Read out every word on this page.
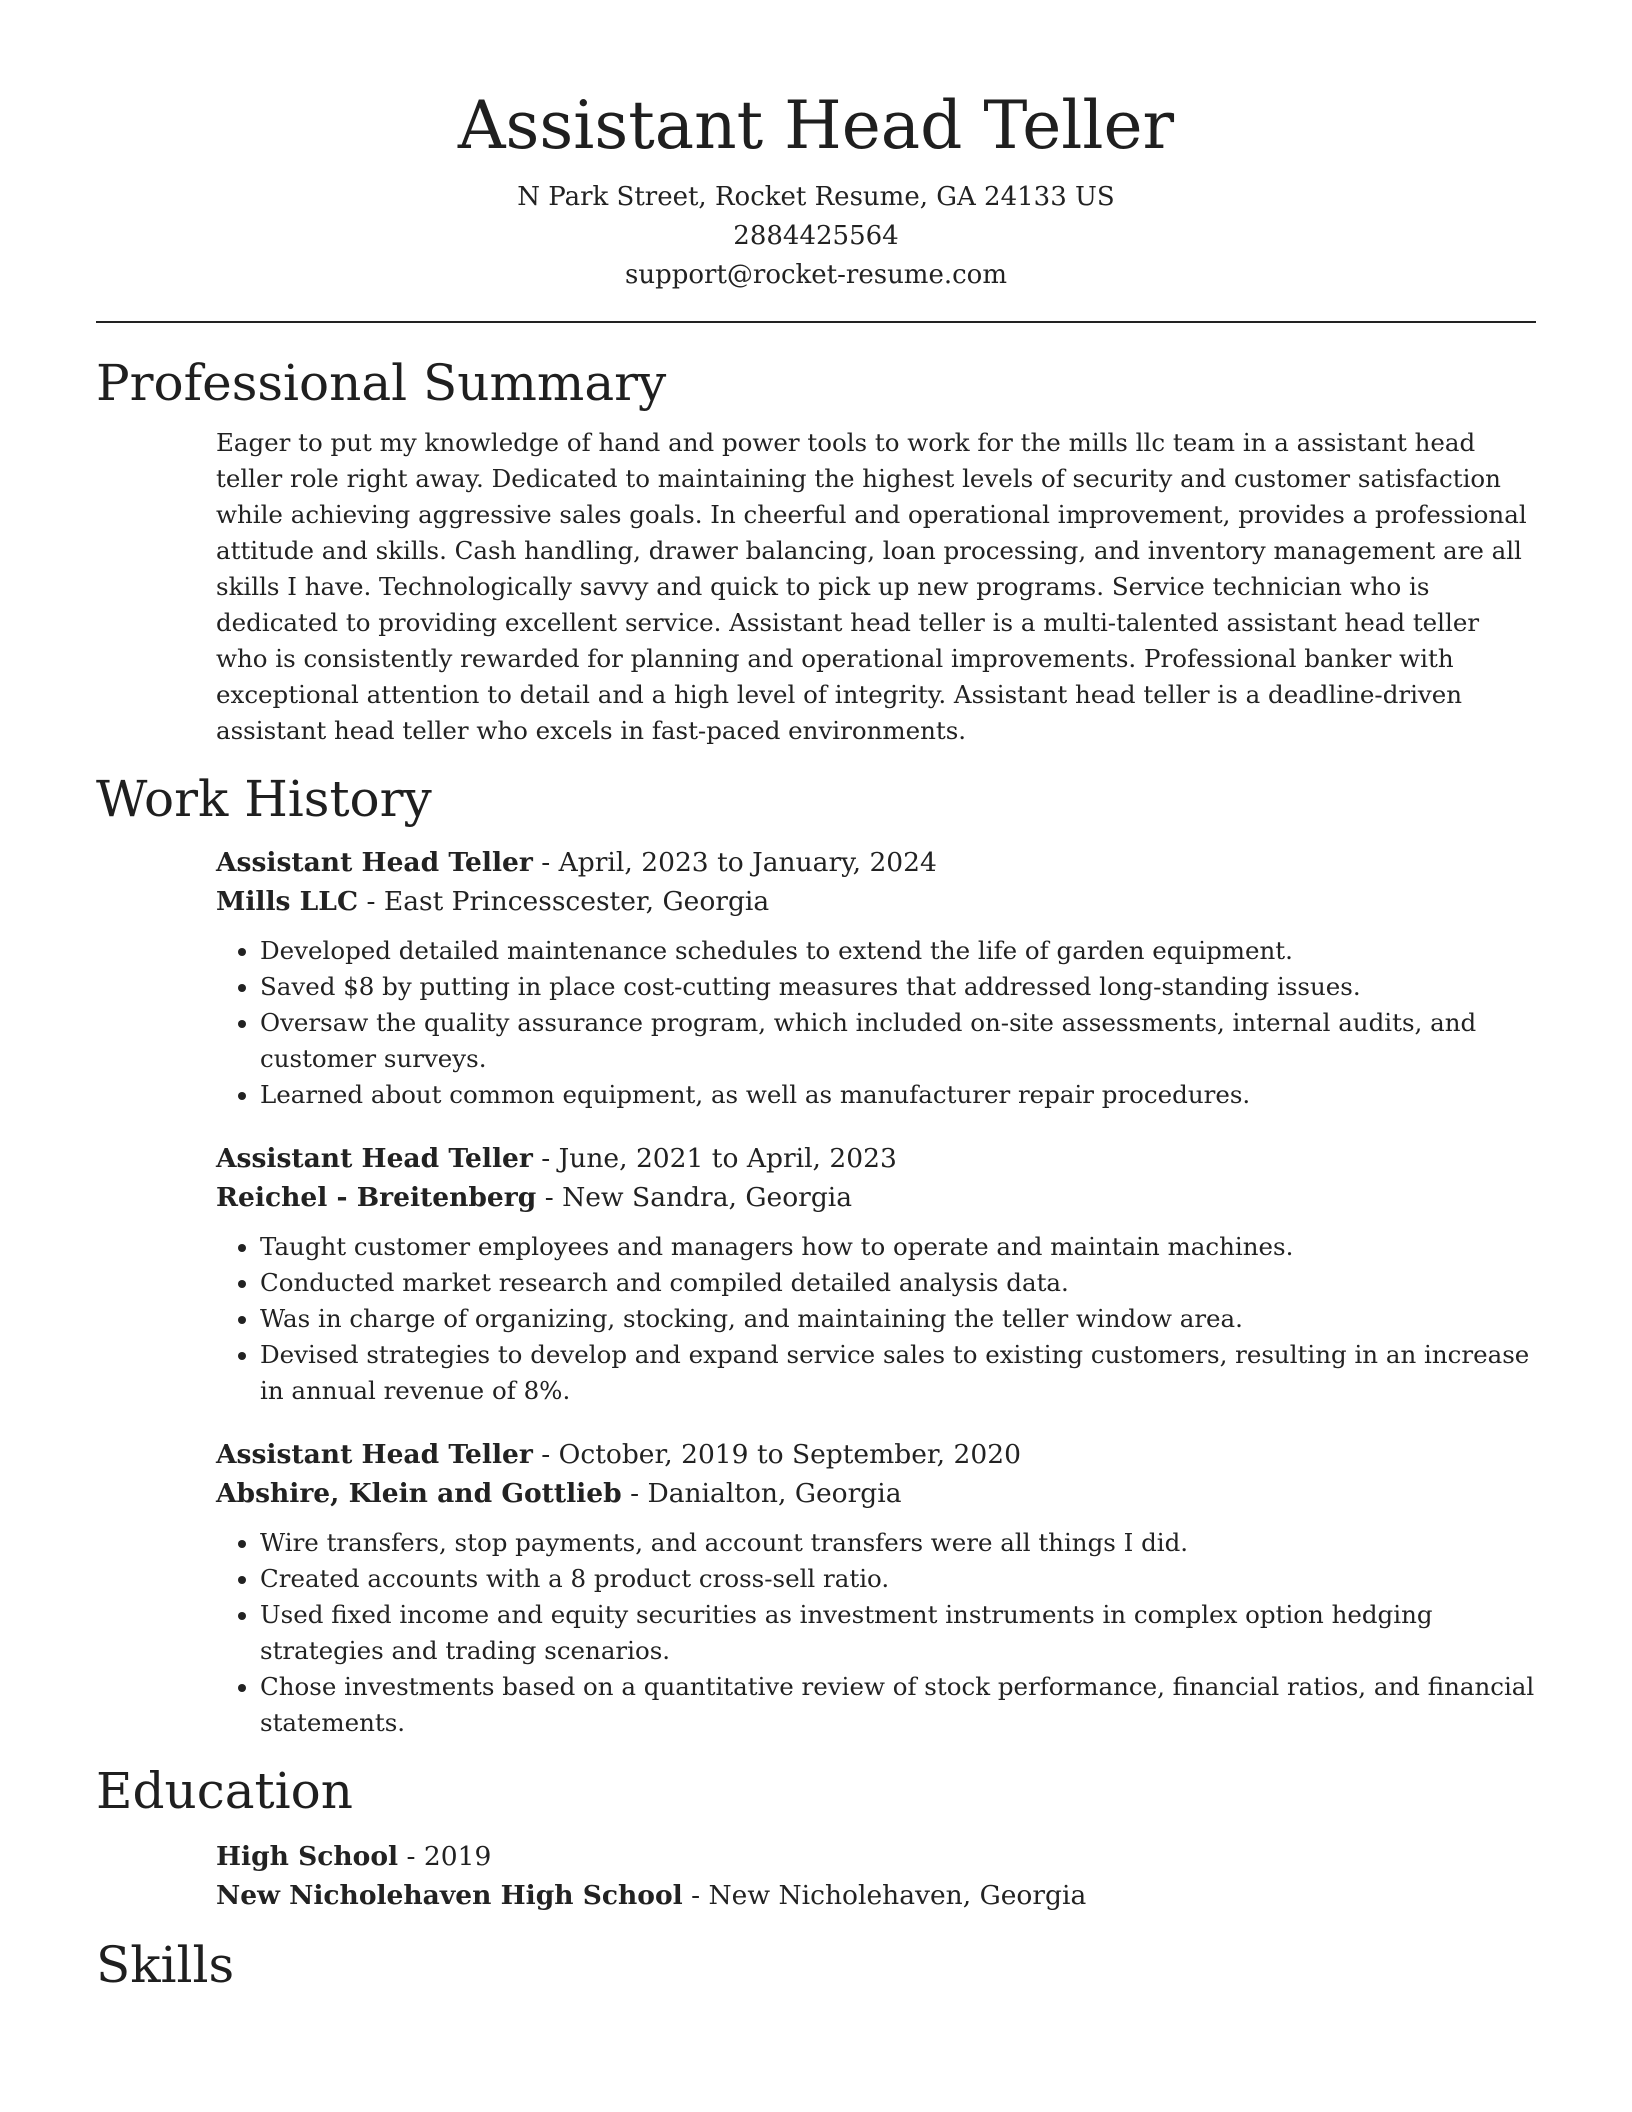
Assistant Head Teller
N Park Street, Rocket Resume, GA 24133 US
2884425564
support@rocket-resume.com
Professional Summary

Eager to put my knowledge of hand and power tools to work for the mills llc team in a assistant head teller role right away. Dedicated to maintaining the highest levels of security and customer satisfaction while achieving aggressive sales goals. In cheerful and operational improvement, provides a professional attitude and skills. Cash handling, drawer balancing, loan processing, and inventory management are all skills I have. Technologically savvy and quick to pick up new programs. Service technician who is dedicated to providing excellent service. Assistant head teller is a multi-talented assistant head teller who is consistently rewarded for planning and operational improvements. Professional banker with exceptional attention to detail and a high level of integrity. Assistant head teller is a deadline-driven assistant head teller who excels in fast-paced environments.

Work History
Assistant Head Teller - April, 2023 to January, 2024
Mills LLC - East Princesscester, Georgia
• Developed detailed maintenance schedules to extend the life of garden equipment.
• Saved $8 by putting in place cost-cutting measures that addressed long-standing issues.
• Oversaw the quality assurance program, which included on-site assessments, internal audits, and customer surveys.
• Learned about common equipment, as well as manufacturer repair procedures.
Assistant Head Teller - June, 2021 to April, 2023
Reichel - Breitenberg - New Sandra, Georgia
• Taught customer employees and managers how to operate and maintain machines.
• Conducted market research and compiled detailed analysis data.
• Was in charge of organizing, stocking, and maintaining the teller window area.
• Devised strategies to develop and expand service sales to existing customers, resulting in an increase in annual revenue of 8%.
Assistant Head Teller - October, 2019 to September, 2020
Abshire, Klein and Gottlieb - Danialton, Georgia
• Wire transfers, stop payments, and account transfers were all things I did.
• Created accounts with a 8 product cross-sell ratio.
• Used fixed income and equity securities as investment instruments in complex option hedging strategies and trading scenarios.
• Chose investments based on a quantitative review of stock performance, financial ratios, and financial statements.
Education
High School - 2019
New Nicholehaven High School - New Nicholehaven, Georgia
Skills
